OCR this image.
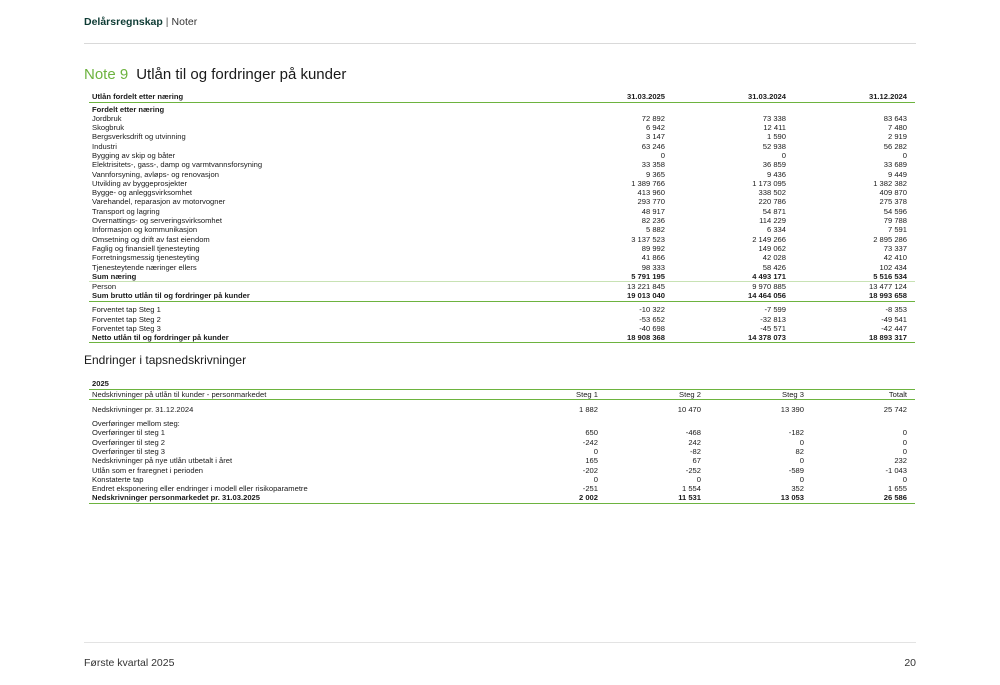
Delårsregnskap | Noter
Note 9 Utlån til og fordringer på kunder
Utlån fordelt etter næring	31.03.2025	31.03.2024	31.12.2024
Fordelt etter næring			
Jordbruk	72 892	73 338	83 643
Skogbruk	6 942	12 411	7 480
Bergsverksdrift og utvinning	3 147	1 590	2 919
Industri	63 246	52 938	56 282
Bygging av skip og båter	0	0	0
Elektrisitets-, gass-, damp og varmtvannsforsyning	33 358	36 859	33 689
Vannforsyning, avløps- og renovasjon	9 365	9 436	9 449
Utvikling av byggeprosjekter	1 389 766	1 173 095	1 382 382
Bygge- og anleggsvirksomhet	413 960	338 502	409 870
Varehandel, reparasjon av motorvogner	293 770	220 786	275 378
Transport og lagring	48 917	54 871	54 596
Overnattings- og serveringsvirksomhet	82 236	114 229	79 788
Informasjon og kommunikasjon	5 882	6 334	7 591
Omsetning og drift av fast eiendom	3 137 523	2 149 266	2 895 286
Faglig og finansiell tjenesteyting	89 992	149 062	73 337
Forretningsmessig tjenesteyting	41 866	42 028	42 410
Tjenesteytende næringer ellers	98 333	58 426	102 434
Sum næring	5 791 195	4 493 171	5 516 534
Person	13 221 845	9 970 885	13 477 124
Sum brutto utlån til og fordringer på kunder	19 013 040	14 464 056	18 993 658

Forventet tap Steg 1	-10 322	-7 599	-8 353
Forventet tap Steg 2	-53 652	-32 813	-49 541
Forventet tap Steg 3	-40 698	-45 571	-42 447
Netto utlån til og fordringer på kunder	18 908 368	14 378 073	18 893 317
Endringer i tapsnedskrivninger
2025
Nedskrivninger på utlån til kunder - personmarkedet	Steg 1	Steg 2	Steg 3	Totalt

Nedskrivninger pr. 31.12.2024	1 882	10 470	13 390	25 742

Overføringer mellom steg:				
Overføringer til steg 1	650	-468	-182	0
Overføringer til steg 2	-242	242	0	0
Overføringer til steg 3	0	-82	82	0
Nedskrivninger på nye utlån utbetalt i året	165	67	0	232
Utlån som er fraregnet i perioden	-202	-252	-589	-1 043
Konstaterte tap	0	0	0	0
Endret eksponering eller endringer i modell eller risikoparametre	-251	1 554	352	1 655
Nedskrivninger personmarkedet pr. 31.03.2025	2 002	11 531	13 053	26 586
Første kvartal 2025	20
